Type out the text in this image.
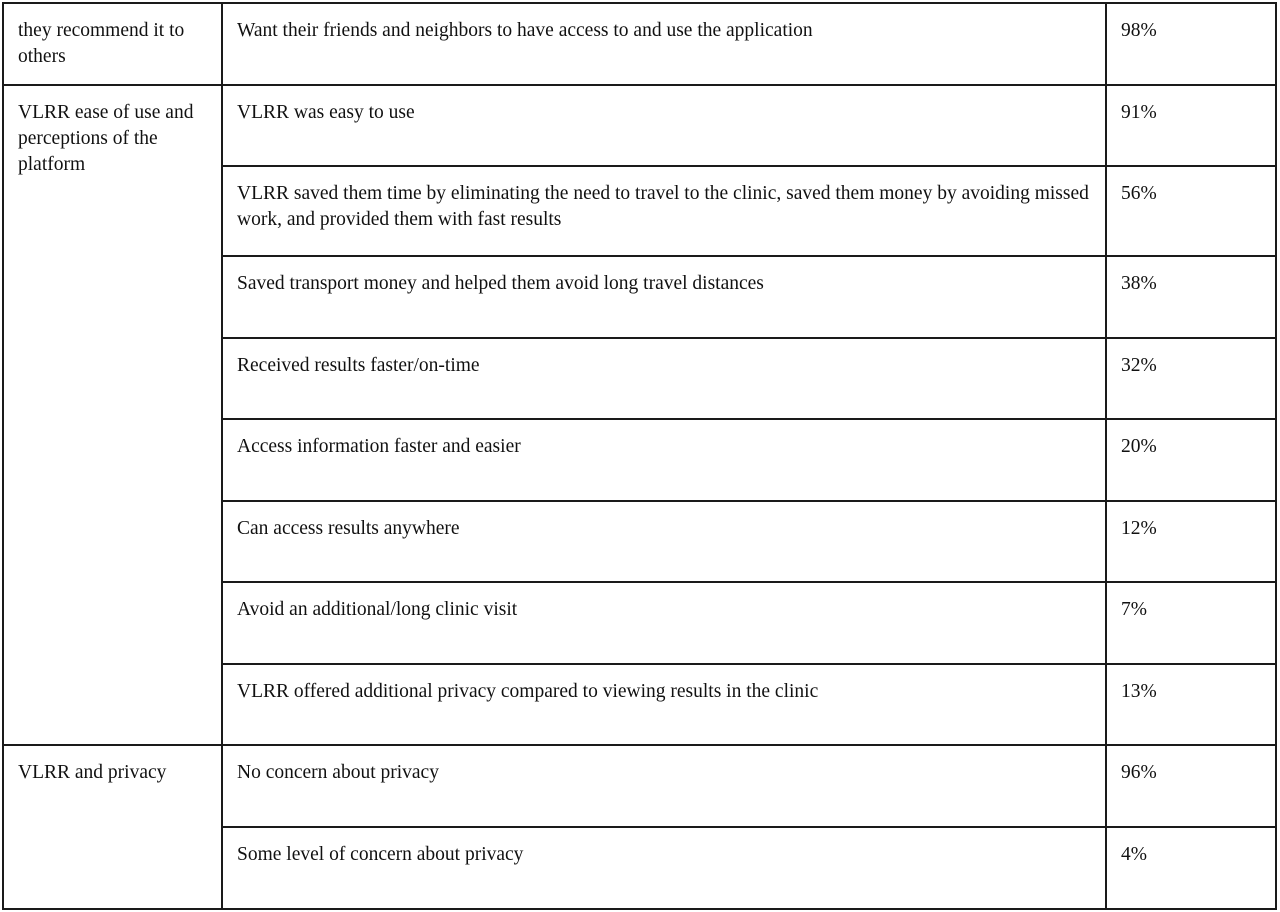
they recommend it to others	Want their friends and neighbors to have access to and use the application	98%
VLRR ease of use and perceptions of the platform	VLRR was easy to use	91%
	VLRR saved them time by eliminating the need to travel to the clinic, saved them money by avoiding missed work, and provided them with fast results	56%
	Saved transport money and helped them avoid long travel distances	38%
	Received results faster/on-time	32%
	Access information faster and easier	20%
	Can access results anywhere	12%
	Avoid an additional/long clinic visit	7%
	VLRR offered additional privacy compared to viewing results in the clinic	13%
VLRR and privacy	No concern about privacy	96%
	Some level of concern about privacy	4%
